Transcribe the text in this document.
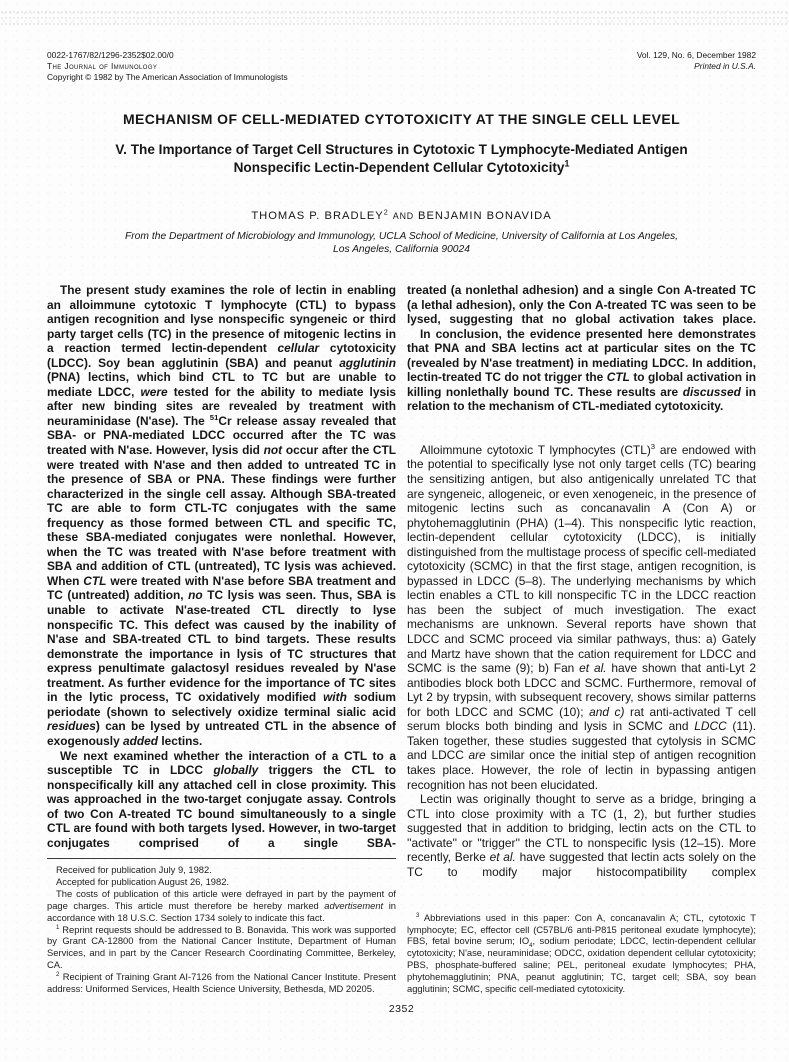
0022-1767/82/1296-2352$02.00/0
The Journal of Immunology
Copyright © 1982 by The American Association of Immunologists
Vol. 129, No. 6, December 1982
Printed in U.S.A.
MECHANISM OF CELL-MEDIATED CYTOTOXICITY AT THE SINGLE CELL LEVEL
V. The Importance of Target Cell Structures in Cytotoxic T Lymphocyte-Mediated Antigen Nonspecific Lectin-Dependent Cellular Cytotoxicity$^1$
THOMAS P. BRADLEY$^2$ AND BENJAMIN BONAVIDA
From the Department of Microbiology and Immunology, UCLA School of Medicine, University of California at Los Angeles,
Los Angeles, California 90024

The present study examines the role of lectin in enabling an alloimmune cytotoxic T lymphocyte (CTL) to bypass antigen recognition and lyse nonspecific syngeneic or third party target cells (TC) in the presence of mitogenic lectins in a reaction termed lectin-dependent cellular cytotoxicity (LDCC). Soy bean agglutinin (SBA) and peanut agglutinin (PNA) lectins, which bind CTL to TC but are unable to mediate LDCC, were tested for the ability to mediate lysis after new binding sites are revealed by treatment with neuraminidase (N'ase). The $^{51}$Cr release assay revealed that SBA- or PNA-mediated LDCC occurred after the TC was treated with N'ase. However, lysis did not occur after the CTL were treated with N'ase and then added to untreated TC in the presence of SBA or PNA. These findings were further characterized in the single cell assay. Although SBA-treated TC are able to form CTL-TC conjugates with the same frequency as those formed between CTL and specific TC, these SBA-mediated conjugates were nonlethal. However, when the TC was treated with N'ase before treatment with SBA and addition of CTL (untreated), TC lysis was achieved. When CTL were treated with N'ase before SBA treatment and TC (untreated) addition, no TC lysis was seen. Thus, SBA is unable to activate N'ase-treated CTL directly to lyse nonspecific TC. This defect was caused by the inability of N'ase and SBA-treated CTL to bind targets. These results demonstrate the importance in lysis of TC structures that express penultimate galactosyl residues revealed by N'ase treatment. As further evidence for the importance of TC sites in the lytic process, TC oxidatively modified with sodium periodate (shown to selectively oxidize terminal sialic acid residues) can be lysed by untreated CTL in the absence of exogenously added lectins.

We next examined whether the interaction of a CTL to a susceptible TC in LDCC globally triggers the CTL to nonspecifically kill any attached cell in close proximity. This was approached in the two-target conjugate assay. Controls of two Con A-treated TC bound simultaneously to a single CTL are found with both targets lysed. However, in two-target conjugates comprised of a single SBA-

Received for publication July 9, 1982.

Accepted for publication August 26, 1982.

The costs of publication of this article were defrayed in part by the payment of page charges. This article must therefore be hereby marked advertisement in accordance with 18 U.S.C. Section 1734 solely to indicate this fact.

$^1$ Reprint requests should be addressed to B. Bonavida. This work was supported by Grant CA-12800 from the National Cancer Institute, Department of Human Services, and in part by the Cancer Research Coordinating Committee, Berkeley, CA.

$^2$ Recipient of Training Grant AI-7126 from the National Cancer Institute. Present address: Uniformed Services, Health Science University, Bethesda, MD 20205.

treated (a nonlethal adhesion) and a single Con A-treated TC (a lethal adhesion), only the Con A-treated TC was seen to be lysed, suggesting that no global activation takes place.

In conclusion, the evidence presented here demonstrates that PNA and SBA lectins act at particular sites on the TC (revealed by N'ase treatment) in mediating LDCC. In addition, lectin-treated TC do not trigger the CTL to global activation in killing nonlethally bound TC. These results are discussed in relation to the mechanism of CTL-mediated cytotoxicity.

Alloimmune cytotoxic T lymphocytes (CTL)$^3$ are endowed with the potential to specifically lyse not only target cells (TC) bearing the sensitizing antigen, but also antigenically unrelated TC that are syngeneic, allogeneic, or even xenogeneic, in the presence of mitogenic lectins such as concanavalin A (Con A) or phytohemagglutinin (PHA) (1–4). This nonspecific lytic reaction, lectin-dependent cellular cytotoxicity (LDCC), is initially distinguished from the multistage process of specific cell-mediated cytotoxicity (SCMC) in that the first stage, antigen recognition, is bypassed in LDCC (5–8). The underlying mechanisms by which lectin enables a CTL to kill nonspecific TC in the LDCC reaction has been the subject of much investigation. The exact mechanisms are unknown. Several reports have shown that LDCC and SCMC proceed via similar pathways, thus: a) Gately and Martz have shown that the cation requirement for LDCC and SCMC is the same (9); b) Fan et al. have shown that anti-Lyt 2 antibodies block both LDCC and SCMC. Furthermore, removal of Lyt 2 by trypsin, with subsequent recovery, shows similar patterns for both LDCC and SCMC (10); and c) rat anti-activated T cell serum blocks both binding and lysis in SCMC and LDCC (11). Taken together, these studies suggested that cytolysis in SCMC and LDCC are similar once the initial step of antigen recognition takes place. However, the role of lectin in bypassing antigen recognition has not been elucidated.

Lectin was originally thought to serve as a bridge, bringing a CTL into close proximity with a TC (1, 2), but further studies suggested that in addition to bridging, lectin acts on the CTL to ''activate'' or ''trigger'' the CTL to nonspecific lysis (12–15). More recently, Berke et al. have suggested that lectin acts solely on the TC to modify major histocompatibility complex

$^3$ Abbreviations used in this paper: Con A, concanavalin A; CTL, cytotoxic T lymphocyte; EC, effector cell (C57BL/6 anti-P815 peritoneal exudate lymphocyte); FBS, fetal bovine serum; $IO_4$, sodium periodate; LDCC, lectin-dependent cellular cytotoxicity; N'ase, neuraminidase; ODCC, oxidation dependent cellular cytotoxicity; PBS, phosphate-buffered saline; PEL, peritoneal exudate lymphocytes; PHA, phytohemagglutinin; PNA, peanut agglutinin; TC, target cell; SBA, soy bean agglutinin; SCMC, specific cell-mediated cytotoxicity.

2352
